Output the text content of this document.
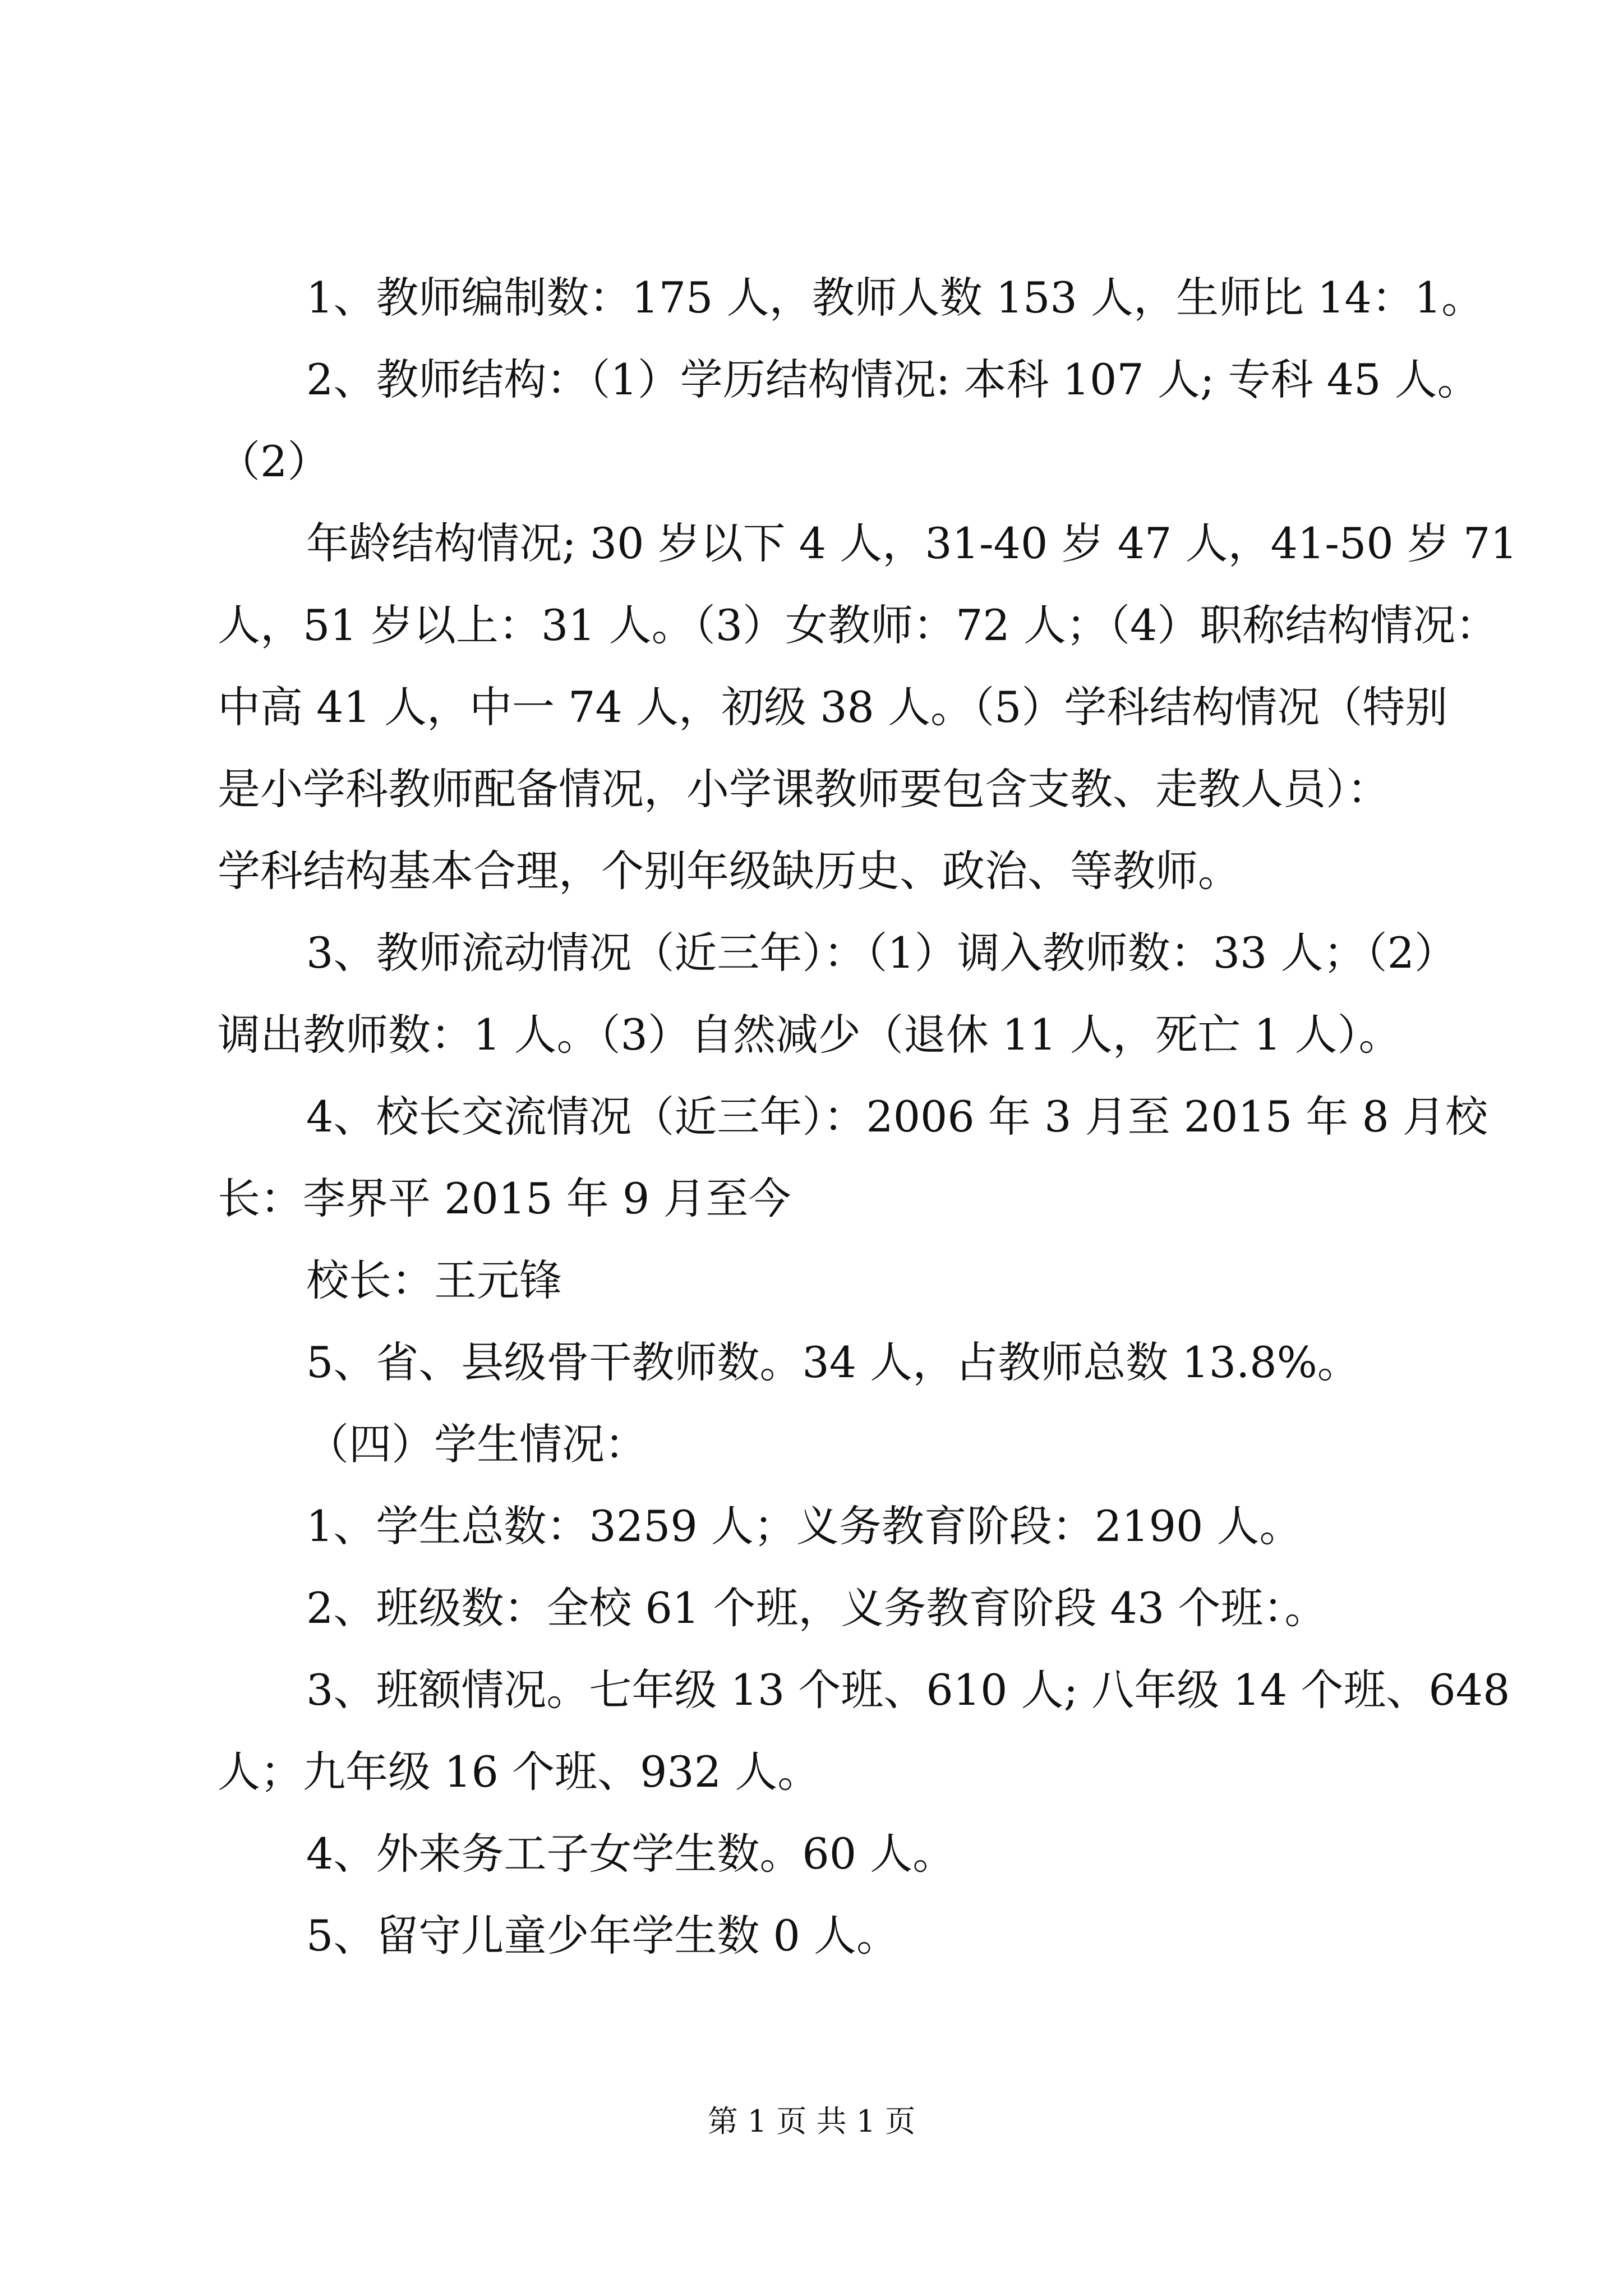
1、教师编制数：175 人，教师人数 153 人，生师比 14：1。
2、教师结构：（1）学历结构情况: 本科 107 人; 专科 45 人。
（2）
年龄结构情况; 30 岁以下 4 人，31-40 岁 47 人，41-50 岁 71
人，51 岁以上：31 人。（3）女教师：72 人；（4）职称结构情况：
中高 41 人，中一 74 人，初级 38 人。（5）学科结构情况（特别
是小学科教师配备情况，小学课教师要包含支教、走教人员）：
学科结构基本合理，个别年级缺历史、政治、等教师。
3、教师流动情况（近三年）：（1）调入教师数：33 人；（2）
调出教师数：1 人。（3）自然减少（退休 11 人，死亡 1 人）。
4、校长交流情况（近三年）：2006 年 3 月至 2015 年 8 月校
长：李界平 2015 年 9 月至今
校长：王元锋
5、省、县级骨干教师数。34 人，占教师总数 13.8%。
（四）学生情况：
1、学生总数：3259 人；义务教育阶段：2190 人。
2、班级数：全校 61 个班，义务教育阶段 43 个班：。
3、班额情况。七年级 13 个班、610 人; 八年级 14 个班、648
人；九年级 16 个班、932 人。
4、外来务工子女学生数。60 人。
5、留守儿童少年学生数 0 人。
第 1 页 共 1 页
